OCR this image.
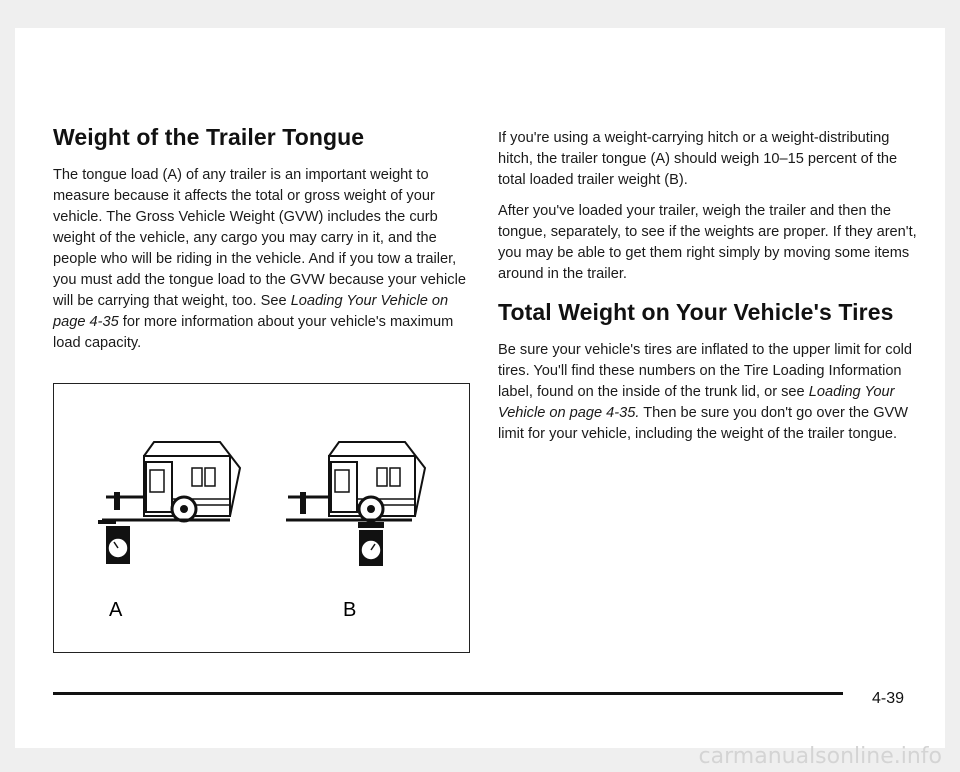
Weight of the Trailer Tongue

The tongue load (A) of any trailer is an important weight to measure because it affects the total or gross weight of your vehicle. The Gross Vehicle Weight (GVW) includes the curb weight of the vehicle, any cargo you may carry in it, and the people who will be riding in the vehicle. And if you tow a trailer, you must add the tongue load to the GVW because your vehicle will be carrying that weight, too. See Loading Your Vehicle on page 4-35 for more information about your vehicle's maximum load capacity.

A	B

If you're using a weight-carrying hitch or a weight-distributing hitch, the trailer tongue (A) should weigh 10–15 percent of the total loaded trailer weight (B).

After you've loaded your trailer, weigh the trailer and then the tongue, separately, to see if the weights are proper. If they aren't, you may be able to get them right simply by moving some items around in the trailer.

Total Weight on Your Vehicle's Tires

Be sure your vehicle's tires are inflated to the upper limit for cold tires. You'll find these numbers on the Tire Loading Information label, found on the inside of the trunk lid, or see Loading Your Vehicle on page 4-35. Then be sure you don't go over the GVW limit for your vehicle, including the weight of the trailer tongue.

4-39
carmanualsonline.info
